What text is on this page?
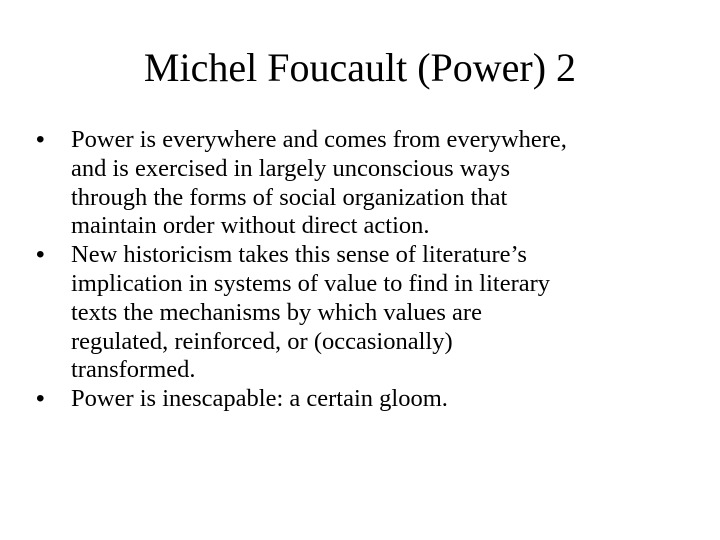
Michel Foucault (Power) 2
•	Power is everywhere and comes from everywhere,
and is exercised in largely unconscious ways
through the forms of social organization that
maintain order without direct action.
•	New historicism takes this sense of literature’s
implication in systems of value to find in literary
texts the mechanisms by which values are
regulated, reinforced, or (occasionally)
transformed.
•	Power is inescapable: a certain gloom.
